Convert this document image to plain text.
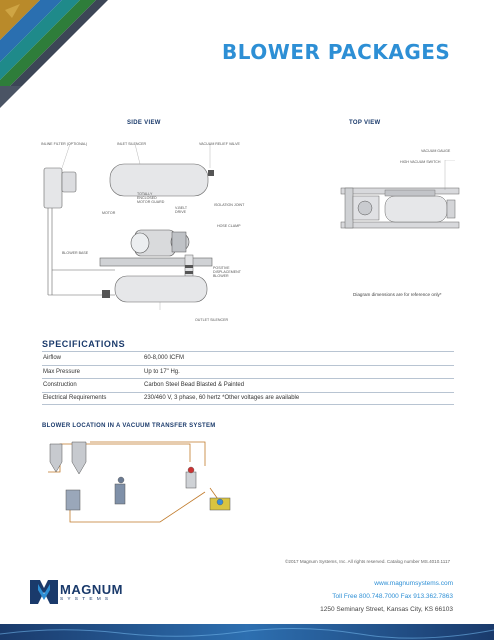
BLOWER PACKAGES
SIDE VIEW	TOP VIEW
INLINE FILTER (OPTIONAL)	INLET SILENCER	VACUUM RELIEF VALVE
TOTALLY ENCLOSED MOTOR GUARD
V-BELT DRIVE
ISOLATION JOINT
MOTOR
HOSE CLAMP
BLOWER BASE
POSITIVE DISPLACEMENT BLOWER
OUTLET SILENCER
VACUUM GAUGE
HIGH VACUUM SWITCH
Diagram dimensions are for reference only*
SPECIFICATIONS
Airflow	60-8,000 ICFM
Max Pressure	Up to 17" Hg.
Construction	Carbon Steel Bead Blasted & Painted
Electrical Requirements	230/460 V, 3 phase, 60 hertz *Other voltages are available
BLOWER LOCATION IN A VACUUM TRANSFER SYSTEM
©2017 Magnum Systems, Inc. All rights reserved. Catalog number MS.4010.1117
MAGNUM
SYSTEMS
www.magnumsystems.com
Toll Free 800.748.7000 Fax 913.362.7863
1250 Seminary Street, Kansas City, KS 66103
